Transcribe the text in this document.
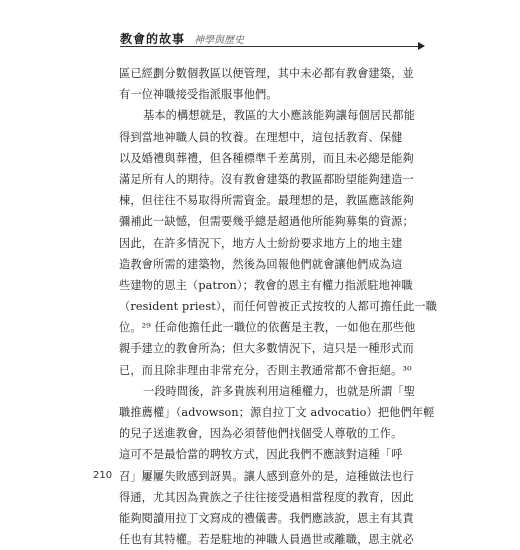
教會的故事 神學與歷史
區已經劃分數個教區以便管理，其中未必都有教會建築，並
有一位神職接受指派服事他們。
基本的構想就是，教區的大小應該能夠讓每個居民都能
得到當地神職人員的牧養。在理想中，這包括教育、保健
以及婚禮與葬禮，但各種標準千差萬別，而且未必總是能夠
滿足所有人的期待。沒有教會建築的教區都盼望能夠建造一
棟，但往往不易取得所需資金。最理想的是，教區應該能夠
彌補此一缺憾，但需要幾乎總是超過他所能夠募集的資源；
因此，在許多情況下，地方人士紛紛要求地方上的地主建
造教會所需的建築物，然後為回報他們就會讓他們成為這
些建物的恩主（patron）；教會的恩主有權力指派駐地神職
（resident priest），而任何曾被正式按牧的人都可擔任此一職
位。²⁹ 任命他擔任此一職位的依舊是主教，一如他在那些他
親手建立的教會所為；但大多數情況下，這只是一種形式而
已，而且除非理由非常充分，否則主教通常都不會拒絕。³⁰
一段時間後，許多貴族利用這種權力，也就是所謂「聖
職推薦權」（advowson；源自拉丁文 advocatio）把他們年輕
的兒子送進教會，因為必須替他們找個受人尊敬的工作。
這可不是最恰當的聘牧方式，因此我們不應該對這種「呼
召」屢屢失敗感到訝異。讓人感到意外的是，這種做法也行
得通，尤其因為貴族之子往往接受過相當程度的教育，因此
能夠閱讀用拉丁文寫成的禮儀書。我們應該說，恩主有其責
任也有其特權。若是駐地的神職人員過世或離職，恩主就必
210
